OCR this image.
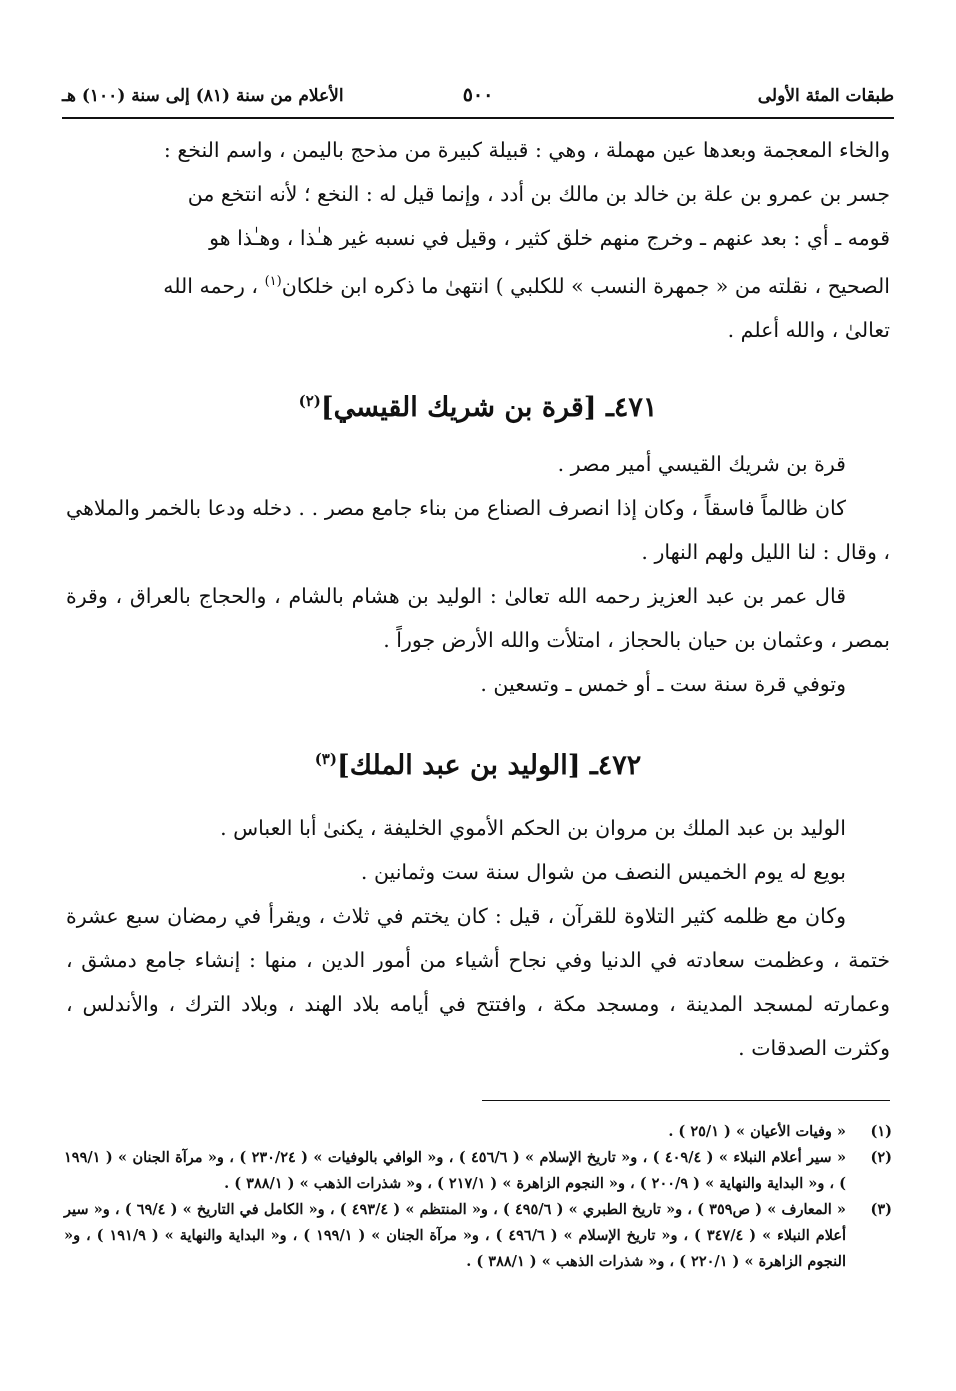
طبقات المئة الأولى
٥٠٠
الأعلام من سنة (٨١) إلى سنة (١٠٠) هـ

والخاء المعجمة وبعدها عين مهملة ، وهي : قبيلة كبيرة من مذحج باليمن ، واسم النخع :

جسر بن عمرو بن علة بن خالد بن مالك بن أدد ، وإنما قيل له : النخع ؛ لأنه انتخع من

قومه ـ أي : بعد عنهم ـ وخرج منهم خلق كثير ، وقيل في نسبه غير هـٰذا ، وهـٰذا هو

الصحيح ، نقلته من « جمهرة النسب » للكلبي ) انتهىٰ ما ذكره ابن خلكان$^{(١)}$ ، رحمه الله

تعالىٰ ، والله أعلم .

٤٧١ـ [قرة بن شريك القيسي]$^{(٢)}$

قرة بن شريك القيسي أمير مصر .

كان ظالماً فاسقاً ، وكان إذا انصرف الصناع من بناء جامع مصر . . دخله ودعا بالخمر والملاهي ، وقال : لنا الليل ولهم النهار .

قال عمر بن عبد العزيز رحمه الله تعالىٰ : الوليد بن هشام بالشام ، والحجاج بالعراق ، وقرة بمصر ، وعثمان بن حيان بالحجاز ، امتلأت والله الأرض جوراً .

وتوفي قرة سنة ست ـ أو خمس ـ وتسعين .

٤٧٢ـ [الوليد بن عبد الملك]$^{(٣)}$

الوليد بن عبد الملك بن مروان بن الحكم الأموي الخليفة ، يكنىٰ أبا العباس .

بويع له يوم الخميس النصف من شوال سنة ست وثمانين .

وكان مع ظلمه كثير التلاوة للقرآن ، قيل : كان يختم في ثلاث ، ويقرأ في رمضان سبع عشرة ختمة ، وعظمت سعادته في الدنيا وفي نجاح أشياء من أمور الدين ، منها : إنشاء جامع دمشق ، وعمارته لمسجد المدينة ، ومسجد مكة ، وافتتح في أيامه بلاد الهند ، وبلاد الترك ، والأندلس ، وكثرت الصدقات .

(١)
« وفيات الأعيان » ( ٢٥/١ ) .
(٢)
« سير أعلام النبلاء » ( ٤٠٩/٤ ) ، و« تاريخ الإسلام » ( ٤٥٦/٦ ) ، و« الوافي بالوفيات » ( ٢٣٠/٢٤ ) ، و« مرآة الجنان » ( ١٩٩/١ ) ، و« البداية والنهاية » ( ٢٠٠/٩ ) ، و« النجوم الزاهرة » ( ٢١٧/١ ) ، و« شذرات الذهب » ( ٣٨٨/١ ) .
(٣)
« المعارف » ( ص٣٥٩ ) ، و« تاريخ الطبري » ( ٤٩٥/٦ ) ، و« المنتظم » ( ٤٩٣/٤ ) ، و« الكامل في التاريخ » ( ٦٩/٤ ) ، و« سير أعلام النبلاء » ( ٣٤٧/٤ ) ، و« تاريخ الإسلام » ( ٤٩٦/٦ ) ، و« مرآة الجنان » ( ١٩٩/١ ) ، و« البداية والنهاية » ( ١٩١/٩ ) ، و« النجوم الزاهرة » ( ٢٢٠/١ ) ، و« شذرات الذهب » ( ٣٨٨/١ ) .
